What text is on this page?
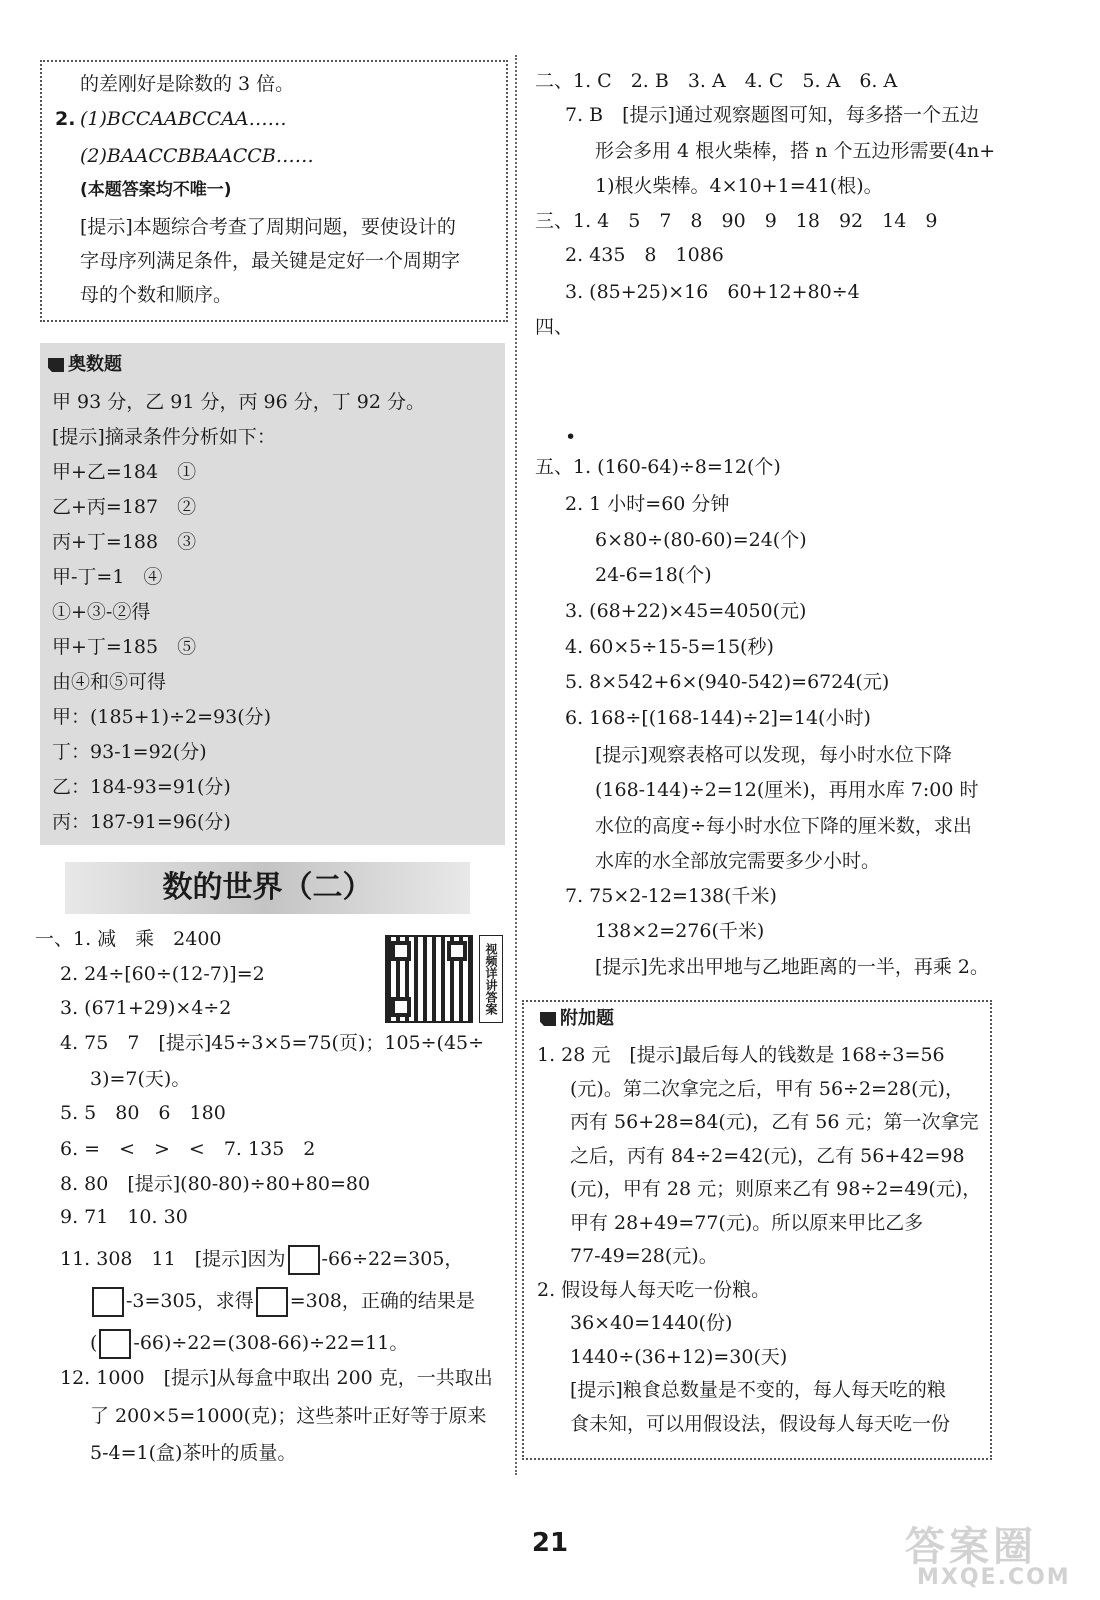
的差刚好是除数的 3 倍。
2. (1)BCCAABCCAA……
(2)BAACCBBAACCB……
(本题答案均不唯一)
[提示]本题综合考查了周期问题，要使设计的
字母序列满足条件，最关键是定好一个周期字
母的个数和顺序。
奥数题
甲 93 分，乙 91 分，丙 96 分，丁 92 分。
[提示]摘录条件分析如下：
甲+乙=184　①
乙+丙=187　②
丙+丁=188　③
甲-丁=1　④
①+③-②得
甲+丁=185　⑤
由④和⑤可得
甲：(185+1)÷2=93(分)
丁：93-1=92(分)
乙：184-93=91(分)
丙：187-91=96(分)
数的世界（二）
视频详讲答案
一、1. 减　乘　2400
2. 24÷[60÷(12-7)]=2
3. (671+29)×4÷2
4. 75　7　[提示]45÷3×5=75(页)；105÷(45÷
3)=7(天)。
5. 5　80　6　180
6. =　<　>　<　7. 135　2
8. 80　[提示](80-80)÷80+80=80
9. 71　10. 30
11. 308　11　[提示]因为 -66÷22=305，
-3=305，求得 =308，正确的结果是
( -66)÷22=(308-66)÷22=11。
12. 1000　[提示]从每盒中取出 200 克，一共取出
了 200×5=1000(克)；这些茶叶正好等于原来
5-4=1(盒)茶叶的质量。
二、1. C　2. B　3. A　4. C　5. A　6. A
7. B　[提示]通过观察题图可知，每多搭一个五边
形会多用 4 根火柴棒，搭 n 个五边形需要(4n+
1)根火柴棒。4×10+1=41(根)。
三、1. 4　5　7　8　90　9　18　92　14　9
2. 435　8　1086
3. (85+25)×16　60+12+80÷4
四、
•
五、1. (160-64)÷8=12(个)
2. 1 小时=60 分钟
6×80÷(80-60)=24(个)
24-6=18(个)
3. (68+22)×45=4050(元)
4. 60×5÷15-5=15(秒)
5. 8×542+6×(940-542)=6724(元)
6. 168÷[(168-144)÷2]=14(小时)
[提示]观察表格可以发现，每小时水位下降
(168-144)÷2=12(厘米)，再用水库 7:00 时
水位的高度÷每小时水位下降的厘米数，求出
水库的水全部放完需要多少小时。
7. 75×2-12=138(千米)
138×2=276(千米)
[提示]先求出甲地与乙地距离的一半，再乘 2。
附加题
1. 28 元　[提示]最后每人的钱数是 168÷3=56
(元)。第二次拿完之后，甲有 56÷2=28(元)，
丙有 56+28=84(元)，乙有 56 元；第一次拿完
之后，丙有 84÷2=42(元)，乙有 56+42=98
(元)，甲有 28 元；则原来乙有 98÷2=49(元)，
甲有 28+49=77(元)。所以原来甲比乙多
77-49=28(元)。
2. 假设每人每天吃一份粮。
36×40=1440(份)
1440÷(36+12)=30(天)
[提示]粮食总数量是不变的，每人每天吃的粮
食未知，可以用假设法，假设每人每天吃一份
21	答案圈
MXQE.COM
